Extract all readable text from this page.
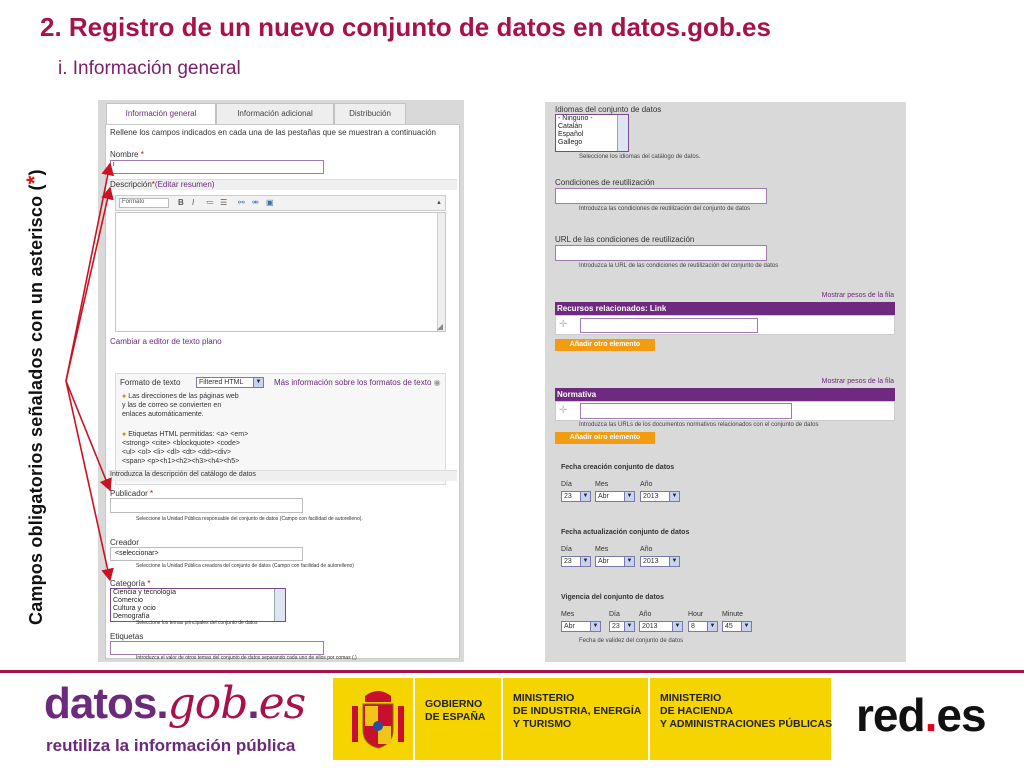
2. Registro de un nuevo conjunto de datos en datos.gob.es
i. Información general
Campos obligatorios señalados con un asterisco (*)
Información general	Información adicional	Distribución
Rellene los campos indicados en cada una de las pestañas que se muestran a continuación
Nombre *
i
Descripción*(Editar resumen)
Formato	B I ≔ ☰ ⚯ ⚮ ▣	▲
◢
Cambiar a editor de texto plano
Formato de texto	Filtered HTML	▼ Más información sobre los formatos de texto ◉
● Las direcciones de las páginas web y las de correo se convierten en enlaces automáticamente.
● Etiquetas HTML permitidas: <a> <em> <strong> <cite> <blockquote> <code> <ul> <ol> <li> <dl> <dt> <dd><div><span> <p><h1><h2><h3><h4><h5>
Introduzca la descripción del catálogo de datos
Publicador *
Seleccione la Unidad Pública responsable del conjunto de datos (Campo con facilidad de autorelleno).
Creador
<seleccionar>
Seleccione la Unidad Pública creadora del conjunto de datos (Campo con facilidad de autorelleno)
Categoría *
Ciencia y tecnología
Comercio
Cultura y ocio
Demografía
Seleccione los temas principales del conjunto de datos
Etiquetas
Introduzca el valor de otros temas del conjunto de datos separando cada uno de ellos por comas (,)
Idiomas del conjunto de datos
- Ninguno -
Catalán
Español
Gallego
Seleccione los idiomas del catálogo de datos.
Condiciones de reutilización
Introduzca las condiciones de reutilización del conjunto de datos
URL de las condiciones de reutilización
Introduzca la URL de las condiciones de reutilización del conjunto de datos
Mostrar pesos de la fila
Recursos relacionados: Link
✛
Añadir otro elemento
Mostrar pesos de la fila
Normativa
✛
Introduzca las URLs de los documentos normativos relacionados con el conjunto de datos
Añadir otro elemento
Fecha creación conjunto de datos
Día	Mes	Año
23	▼	Abr	▼	2013	▼
Fecha actualización conjunto de datos
Día	Mes	Año
23	▼	Abr	▼	2013	▼
Vigencia del conjunto de datos
Mes	Día	Año	Hour	Minute
Abr	▼	23	▼	2013	▼	8	▼	45	▼
Fecha de validez del conjunto de datos
datos.gob.es
reutiliza la información pública
GOBIERNO
DE ESPAÑA
MINISTERIO
DE INDUSTRIA, ENERGÍA
Y TURISMO
MINISTERIO
DE HACIENDA
Y ADMINISTRACIONES PÚBLICAS red.es
